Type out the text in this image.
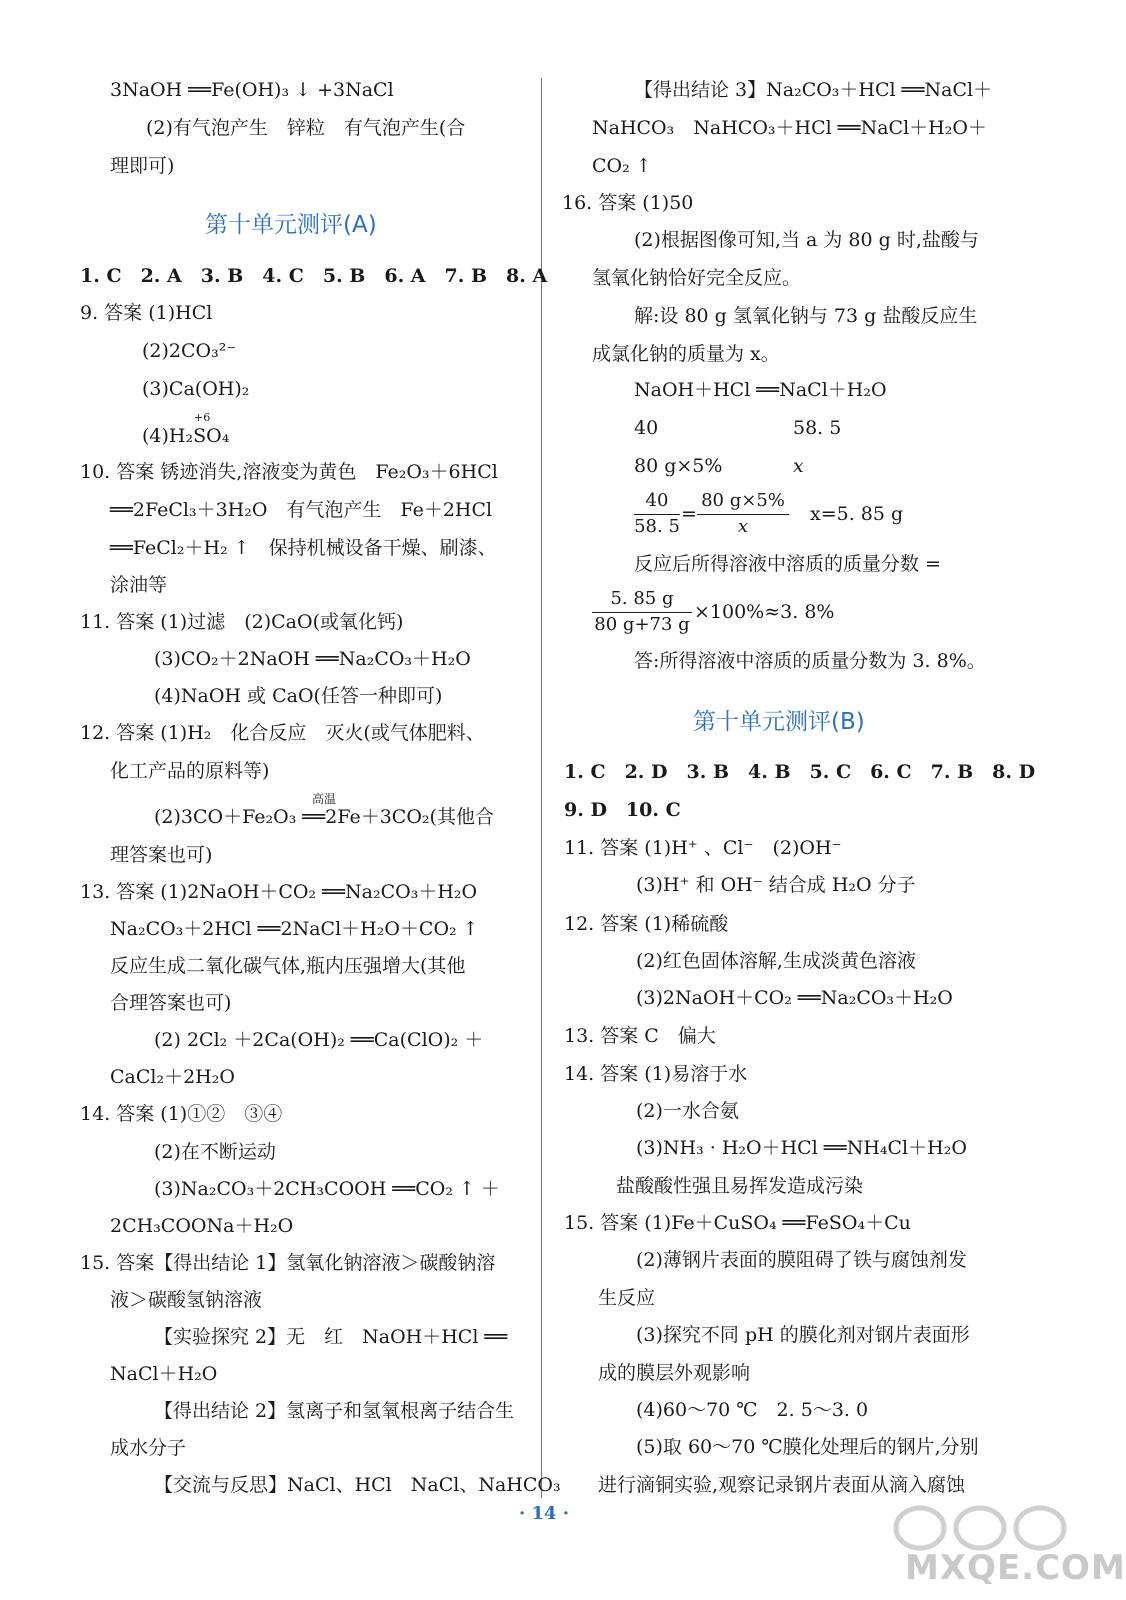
3NaOH ══Fe(OH)₃ ↓ +3NaCl
(2)有气泡产生　锌粒　有气泡产生(合
理即可)
第十单元测评(A)
1. C　2. A　3. B　4. C　5. B　6. A　7. B　8. A
9. 答案 (1)HCl
(2)2CO₃²⁻
(3)Ca(OH)₂
+6
(4)H₂SO₄
10. 答案 锈迹消失,溶液变为黄色　Fe₂O₃＋6HCl
══2FeCl₃＋3H₂O　有气泡产生　Fe＋2HCl
══FeCl₂＋H₂ ↑　保持机械设备干燥、刷漆、
涂油等
11. 答案 (1)过滤　(2)CaO(或氧化钙)
(3)CO₂＋2NaOH ══Na₂CO₃＋H₂O
(4)NaOH 或 CaO(任答一种即可)
12. 答案 (1)H₂　化合反应　灭火(或气体肥料、
化工产品的原料等)
高温
(2)3CO＋Fe₂O₃ ══2Fe＋3CO₂(其他合
理答案也可)
13. 答案 (1)2NaOH＋CO₂ ══Na₂CO₃＋H₂O
Na₂CO₃＋2HCl ══2NaCl＋H₂O＋CO₂ ↑
反应生成二氧化碳气体,瓶内压强增大(其他
合理答案也可)
(2) 2Cl₂ ＋2Ca(OH)₂ ══Ca(ClO)₂ ＋
CaCl₂＋2H₂O
14. 答案 (1)①②　③④
(2)在不断运动
(3)Na₂CO₃＋2CH₃COOH ══CO₂ ↑ ＋
2CH₃COONa＋H₂O
15. 答案【得出结论 1】氢氧化钠溶液＞碳酸钠溶
液＞碳酸氢钠溶液
【实验探究 2】无　红　NaOH＋HCl ══
NaCl＋H₂O
【得出结论 2】氢离子和氢氧根离子结合生
成水分子
【交流与反思】NaCl、HCl　NaCl、NaHCO₃
【得出结论 3】Na₂CO₃＋HCl ══NaCl＋
NaHCO₃　NaHCO₃＋HCl ══NaCl＋H₂O＋
CO₂ ↑
16. 答案 (1)50
(2)根据图像可知,当 a 为 80 g 时,盐酸与
氢氧化钠恰好完全反应。
解:设 80 g 氢氧化钠与 73 g 盐酸反应生
成氯化钠的质量为 x。
NaOH＋HCl ══NaCl＋H₂O
40	58. 5
80 g×5%	x
40
58. 5
=
80 g×5%
x
x=5. 85 g
反应后所得溶液中溶质的质量分数 =
5. 85 g
80 g+73 g
×100%≈3. 8%
答:所得溶液中溶质的质量分数为 3. 8%。
第十单元测评(B)
1. C　2. D　3. B　4. B　5. C　6. C　7. B　8. D
9. D　10. C
11. 答案 (1)H⁺ 、Cl⁻　(2)OH⁻
(3)H⁺ 和 OH⁻ 结合成 H₂O 分子
12. 答案 (1)稀硫酸
(2)红色固体溶解,生成淡黄色溶液
(3)2NaOH＋CO₂ ══Na₂CO₃＋H₂O
13. 答案 C　偏大
14. 答案 (1)易溶于水
(2)一水合氨
(3)NH₃ · H₂O＋HCl ══NH₄Cl＋H₂O
盐酸酸性强且易挥发造成污染
15. 答案 (1)Fe＋CuSO₄ ══FeSO₄＋Cu
(2)薄钢片表面的膜阻碍了铁与腐蚀剂发
生反应
(3)探究不同 pH 的膜化剂对钢片表面形
成的膜层外观影响
(4)60～70 ℃　2. 5～3. 0
(5)取 60～70 ℃膜化处理后的钢片,分别
进行滴铜实验,观察记录钢片表面从滴入腐蚀
· 14 ·
MXQE.COM
